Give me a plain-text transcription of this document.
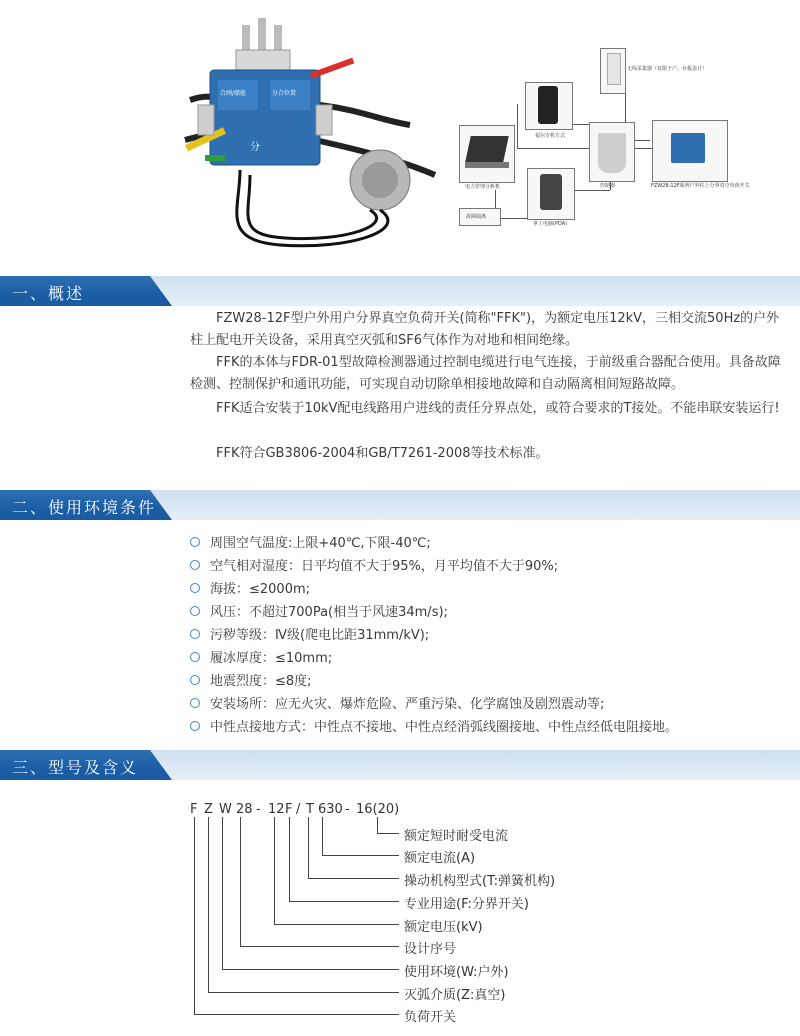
合闸/储能	分合位置
分
无线采集器（仅限于户、台板表计）
福尔专机方式
电力管理分析机	控制器
掌上电脑(PDA)
故障隔离
FZW28-12F系列户外柱上分界真空负荷开关
一、概述

FZW28-12F型户外用户分界真空负荷开关(简称"FFK")，为额定电压12kV，三相交流50Hz的户外柱上配电开关设备，采用真空灭弧和SF6气体作为对地和相间绝缘。

FFK的本体与FDR-01型故障检测器通过控制电缆进行电气连接，于前级重合器配合使用。具备故障检测、控制保护和通讯功能，可实现自动切除单相接地故障和自动隔离相间短路故障。

FFK适合安装于10kV配电线路用户进线的责任分界点处，或符合要求的T接处。不能串联安装运行!

FFK符合GB3806-2004和GB/T7261-2008等技术标准。

二、使用环境条件
周围空气温度:上限+40℃,下限-40℃;
空气相对湿度：日平均值不大于95%，月平均值不大于90%;
海拔：≤2000m;
风压：不超过700Pa(相当于风速34m/s);
污秽等级：Ⅳ级(爬电比距31mm/kV);
履冰厚度：≤10mm;
地震烈度：≤8度;
安装场所：应无火灾、爆炸危险、严重污染、化学腐蚀及剧烈震动等;
中性点接地方式：中性点不接地、中性点经消弧线圈接地、中性点经低电阻接地。
三、型号及含义
F Z W 28 - 12 F / T 630 - 16(20)
额定短时耐受电流
额定电流(A)
操动机构型式(T:弹簧机构)
专业用途(F:分界开关)
额定电压(kV)
设计序号
使用环境(W:户外)
灭弧介质(Z:真空)
负荷开关
